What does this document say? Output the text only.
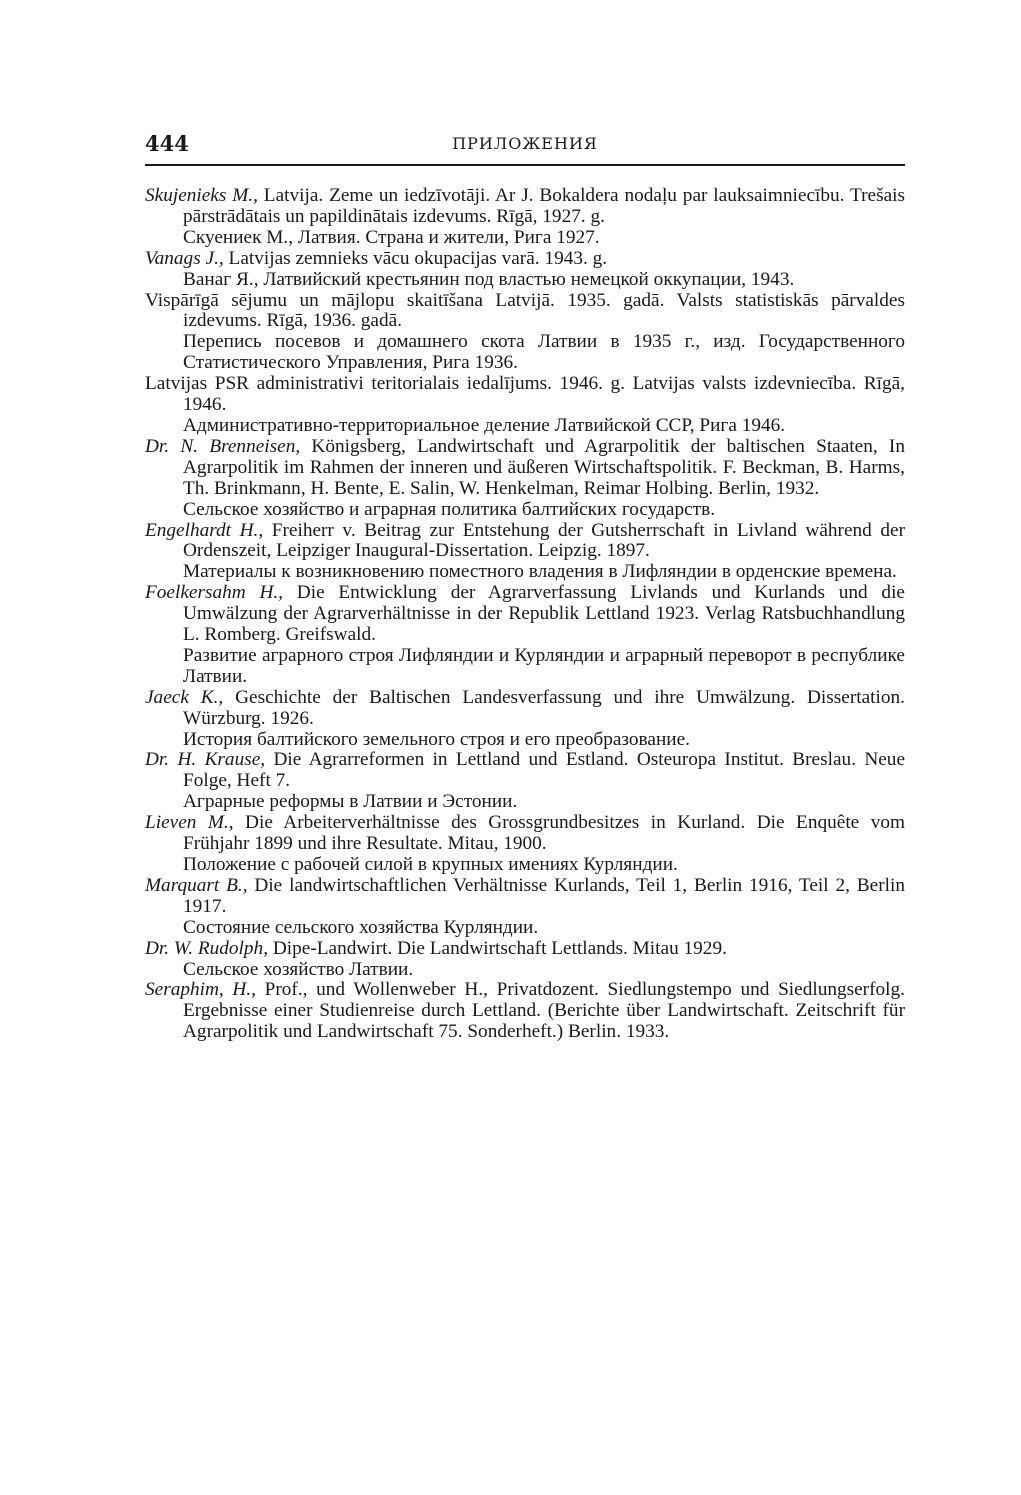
444	ПРИЛОЖЕНИЯ

Skujenieks M., Latvija. Zeme un iedzīvotāji. Ar J. Bokaldera nodaļu par lauksaimniecību. Trešais pārstrādātais un papildinātais izdevums. Rīgā, 1927. g.

Скуениек М., Латвия. Страна и жители, Рига 1927.

Vanags J., Latvijas zemnieks vācu okupacijas varā. 1943. g.

Ванаг Я., Латвийский крестьянин под властью немецкой оккупации, 1943.

Vispārīgā sējumu un mājlopu skaitīšana Latvijā. 1935. gadā. Valsts statistiskās pārvaldes izdevums. Rīgā, 1936. gadā.

Перепись посевов и домашнего скота Латвии в 1935 г., изд. Государственного Статистического Управления, Рига 1936.

Latvijas PSR administrativi teritorialais iedalījums. 1946. g. Latvijas valsts izdevniecība. Rīgā, 1946.

Административно-территориальное деление Латвийской ССР, Рига 1946.

Dr. N. Brenneisen, Königsberg, Landwirtschaft und Agrarpolitik der baltischen Staaten, In Agrarpolitik im Rahmen der inneren und äußeren Wirtschaftspolitik. F. Beckman, B. Harms, Th. Brinkmann, H. Bente, E. Salin, W. Henkelman, Reimar Holbing. Berlin, 1932.

Сельское хозяйство и аграрная политика балтийских государств.

Engelhardt H., Freiherr v. Beitrag zur Entstehung der Gutsherrschaft in Livland während der Ordenszeit, Leipziger Inaugural-Dissertation. Leipzig. 1897.

Материалы к возникновению поместного владения в Лифляндии в орденские времена.

Foelkersahm H., Die Entwicklung der Agrarverfassung Livlands und Kurlands und die Umwälzung der Agrarverhältnisse in der Republik Lettland 1923. Verlag Ratsbuchhandlung L. Romberg. Greifswald.

Развитие аграрного строя Лифляндии и Курляндии и аграрный переворот в республике Латвии.

Jaeck K., Geschichte der Baltischen Landesverfassung und ihre Umwälzung. Dissertation. Würzburg. 1926.

История балтийского земельного строя и его преобразование.

Dr. H. Krause, Die Agrarreformen in Lettland und Estland. Osteuropa Institut. Breslau. Neue Folge, Heft 7.

Аграрные реформы в Латвии и Эстонии.

Lieven M., Die Arbeiterverhältnisse des Grossgrundbesitzes in Kurland. Die Enquête vom Frühjahr 1899 und ihre Resultate. Mitau, 1900.

Положение с рабочей силой в крупных имениях Курляндии.

Marquart B., Die landwirtschaftlichen Verhältnisse Kurlands, Teil 1, Berlin 1916, Teil 2, Berlin 1917.

Состояние сельского хозяйства Курляндии.

Dr. W. Rudolph, Dipe-Landwirt. Die Landwirtschaft Lettlands. Mitau 1929.

Сельское хозяйство Латвии.

Seraphim, H., Prof., und Wollenweber H., Privatdozent. Siedlungstempo und Siedlungserfolg. Ergebnisse einer Studienreise durch Lettland. (Berichte über Landwirtschaft. Zeitschrift für Agrarpolitik und Landwirtschaft 75. Sonderheft.) Berlin. 1933.
